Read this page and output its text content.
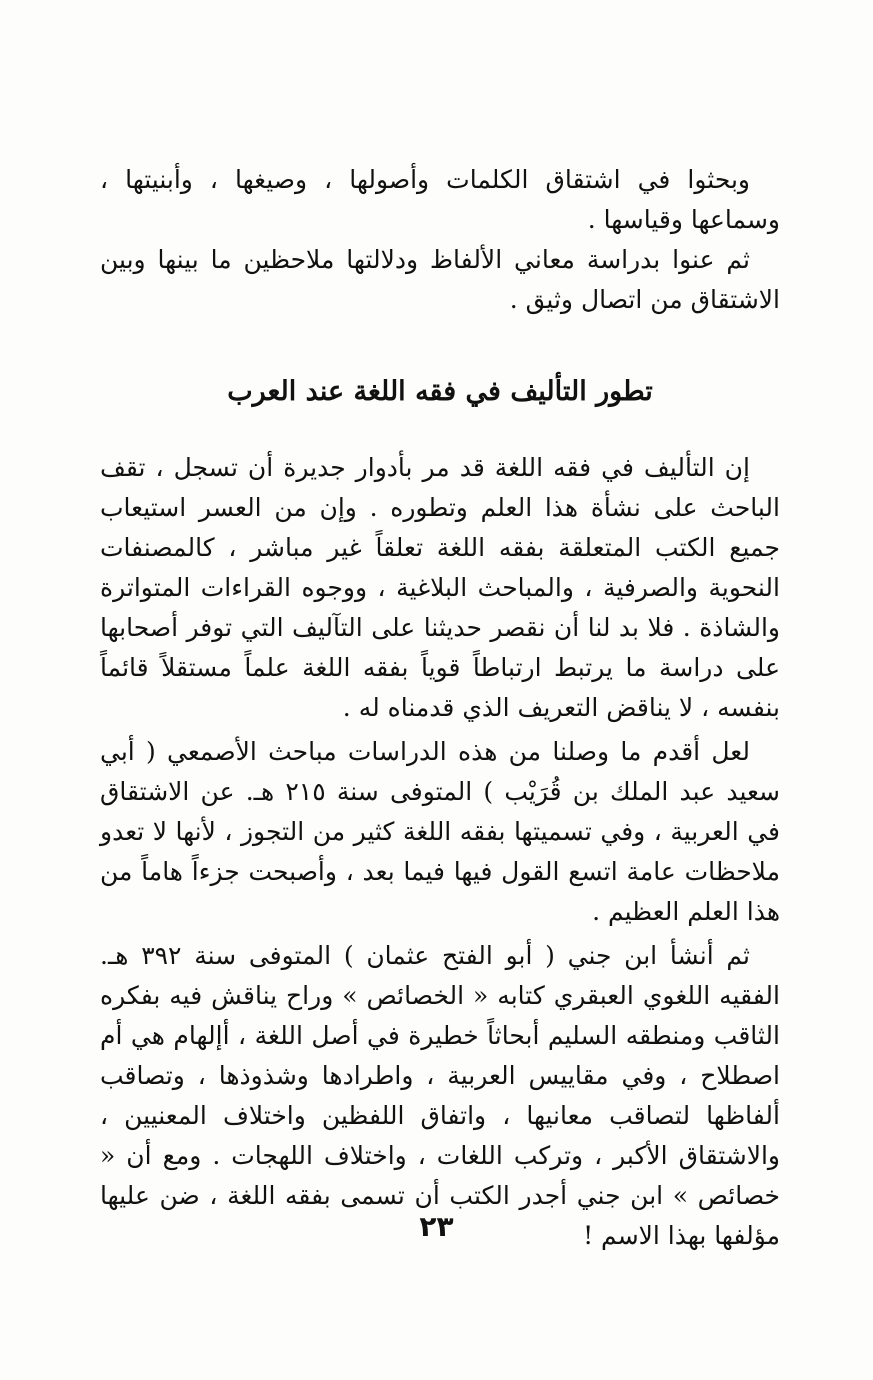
وبحثوا في اشتقاق الكلمات وأصولها ، وصيغها ، وأبنيتها ، وسماعها وقياسها .

ثم عنوا بدراسة معاني الألفاظ ودلالتها ملاحظين ما بينها وبين الاشتقاق من اتصال وثيق .

تطور التأليف في فقه اللغة عند العرب

إن التأليف في فقه اللغة قد مر بأدوار جديرة أن تسجل ، تقف الباحث على نشأة هذا العلم وتطوره . وإن من العسر استيعاب جميع الكتب المتعلقة بفقه اللغة تعلقاً غير مباشر ، كالمصنفات النحوية والصرفية ، والمباحث البلاغية ، ووجوه القراءات المتواترة والشاذة . فلا بد لنا أن نقصر حديثنا على التآليف التي توفر أصحابها على دراسة ما يرتبط ارتباطاً قوياً بفقه اللغة علماً مستقلاً قائماً بنفسه ، لا يناقض التعريف الذي قدمناه له .

لعل أقدم ما وصلنا من هذه الدراسات مباحث الأصمعي ( أبي سعيد عبد الملك بن قُرَيْب ) المتوفى سنة ٢١٥ هـ. عن الاشتقاق في العربية ، وفي تسميتها بفقه اللغة كثير من التجوز ، لأنها لا تعدو ملاحظات عامة اتسع القول فيها فيما بعد ، وأصبحت جزءاً هاماً من هذا العلم العظيم .

ثم أنشأ ابن جني ( أبو الفتح عثمان ) المتوفى سنة ٣٩٢ هـ. الفقيه اللغوي العبقري كتابه « الخصائص » وراح يناقش فيه بفكره الثاقب ومنطقه السليم أبحاثاً خطيرة في أصل اللغة ، أإلهام هي أم اصطلاح ، وفي مقاييس العربية ، واطرادها وشذوذها ، وتصاقب ألفاظها لتصاقب معانيها ، واتفاق اللفظين واختلاف المعنيين ، والاشتقاق الأكبر ، وتركب اللغات ، واختلاف اللهجات . ومع أن « خصائص » ابن جني أجدر الكتب أن تسمى بفقه اللغة ، ضن عليها مؤلفها بهذا الاسم !

٢٣
